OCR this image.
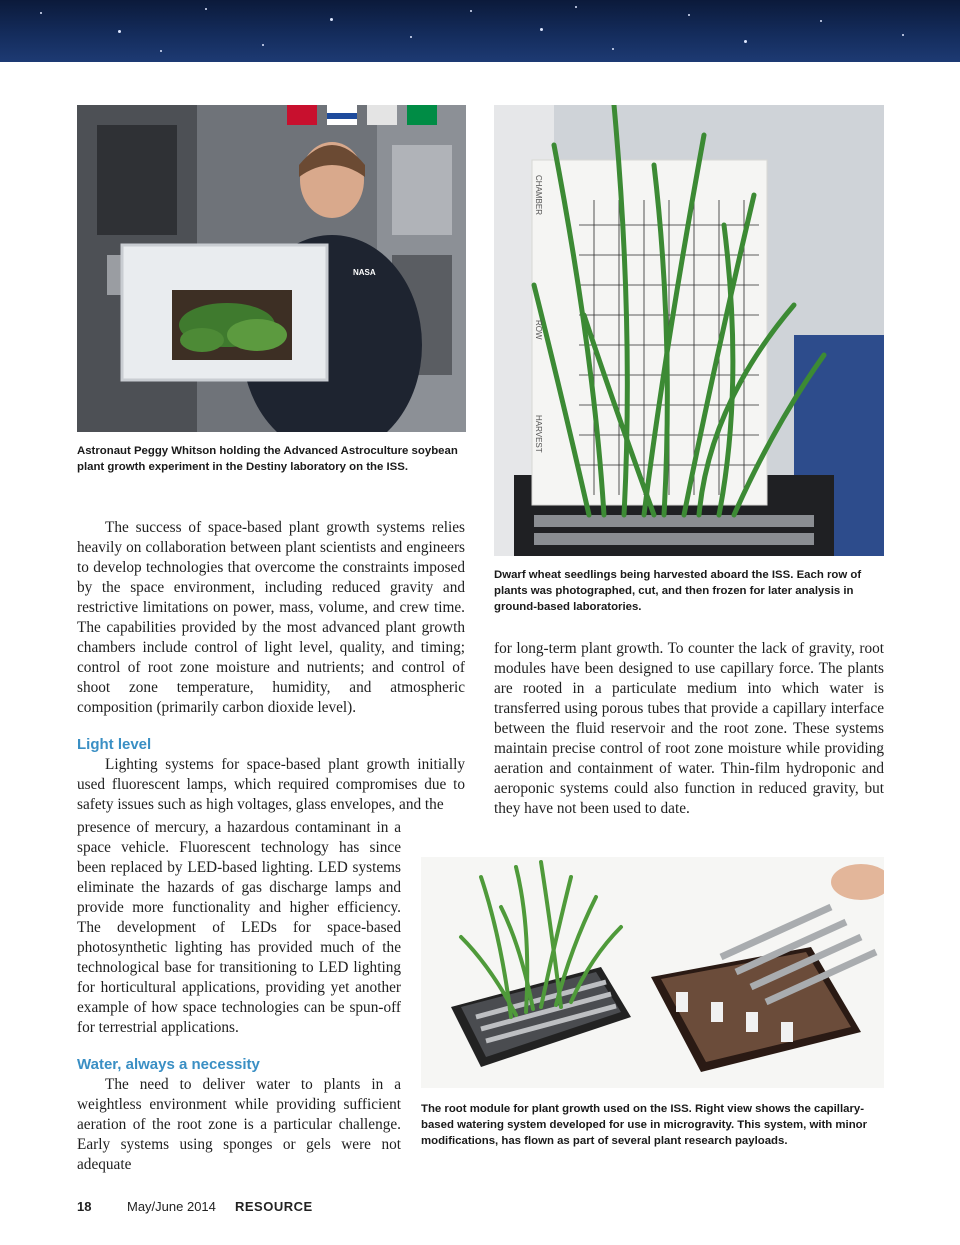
NASA

Astronaut Peggy Whitson holding the Advanced Astroculture soybean plant growth experiment in the Destiny laboratory on the ISS.

CHAMBER
ROW
HARVEST

Dwarf wheat seedlings being harvested aboard the ISS. Each row of plants was photographed, cut, and then frozen for later analysis in ground-based laboratories.

The success of space-based plant growth systems relies heavily on collaboration between plant scientists and engineers to develop technologies that overcome the constraints imposed by the space environment, including reduced gravity and restrictive limitations on power, mass, volume, and crew time. The capabilities provided by the most advanced plant growth chambers include control of light level, quality, and timing; control of root zone moisture and nutrients; and control of shoot zone temperature, humidity, and atmospheric composition (primarily carbon dioxide level).

Light level

Lighting systems for space-based plant growth initially used fluorescent lamps, which required compromises due to safety issues such as high voltages, glass envelopes, and the

presence of mercury, a hazardous contaminant in a space vehicle. Fluorescent technology has since been replaced by LED-based lighting. LED systems eliminate the hazards of gas discharge lamps and provide more functionality and higher efficiency. The development of LEDs for space-based photosynthetic lighting has provided much of the technological base for transitioning to LED lighting for horticultural applications, providing yet another example of how space technologies can be spun-off for terrestrial applications.

Water, always a necessity

The need to deliver water to plants in a weightless environment while providing sufficient aeration of the root zone is a particular challenge. Early systems using sponges or gels were not adequate

for long-term plant growth. To counter the lack of gravity, root modules have been designed to use capillary force. The plants are rooted in a particulate medium into which water is transferred using porous tubes that provide a capillary interface between the fluid reservoir and the root zone. These systems maintain precise control of root zone moisture while providing aeration and containment of water. Thin-film hydroponic and aeroponic systems could also function in reduced gravity, but they have not been used to date.

The root module for plant growth used on the ISS. Right view shows the capillary-based watering system developed for use in microgravity. This system, with minor modifications, has flown as part of several plant research payloads.

18	May/June 2014	RESOURCE
